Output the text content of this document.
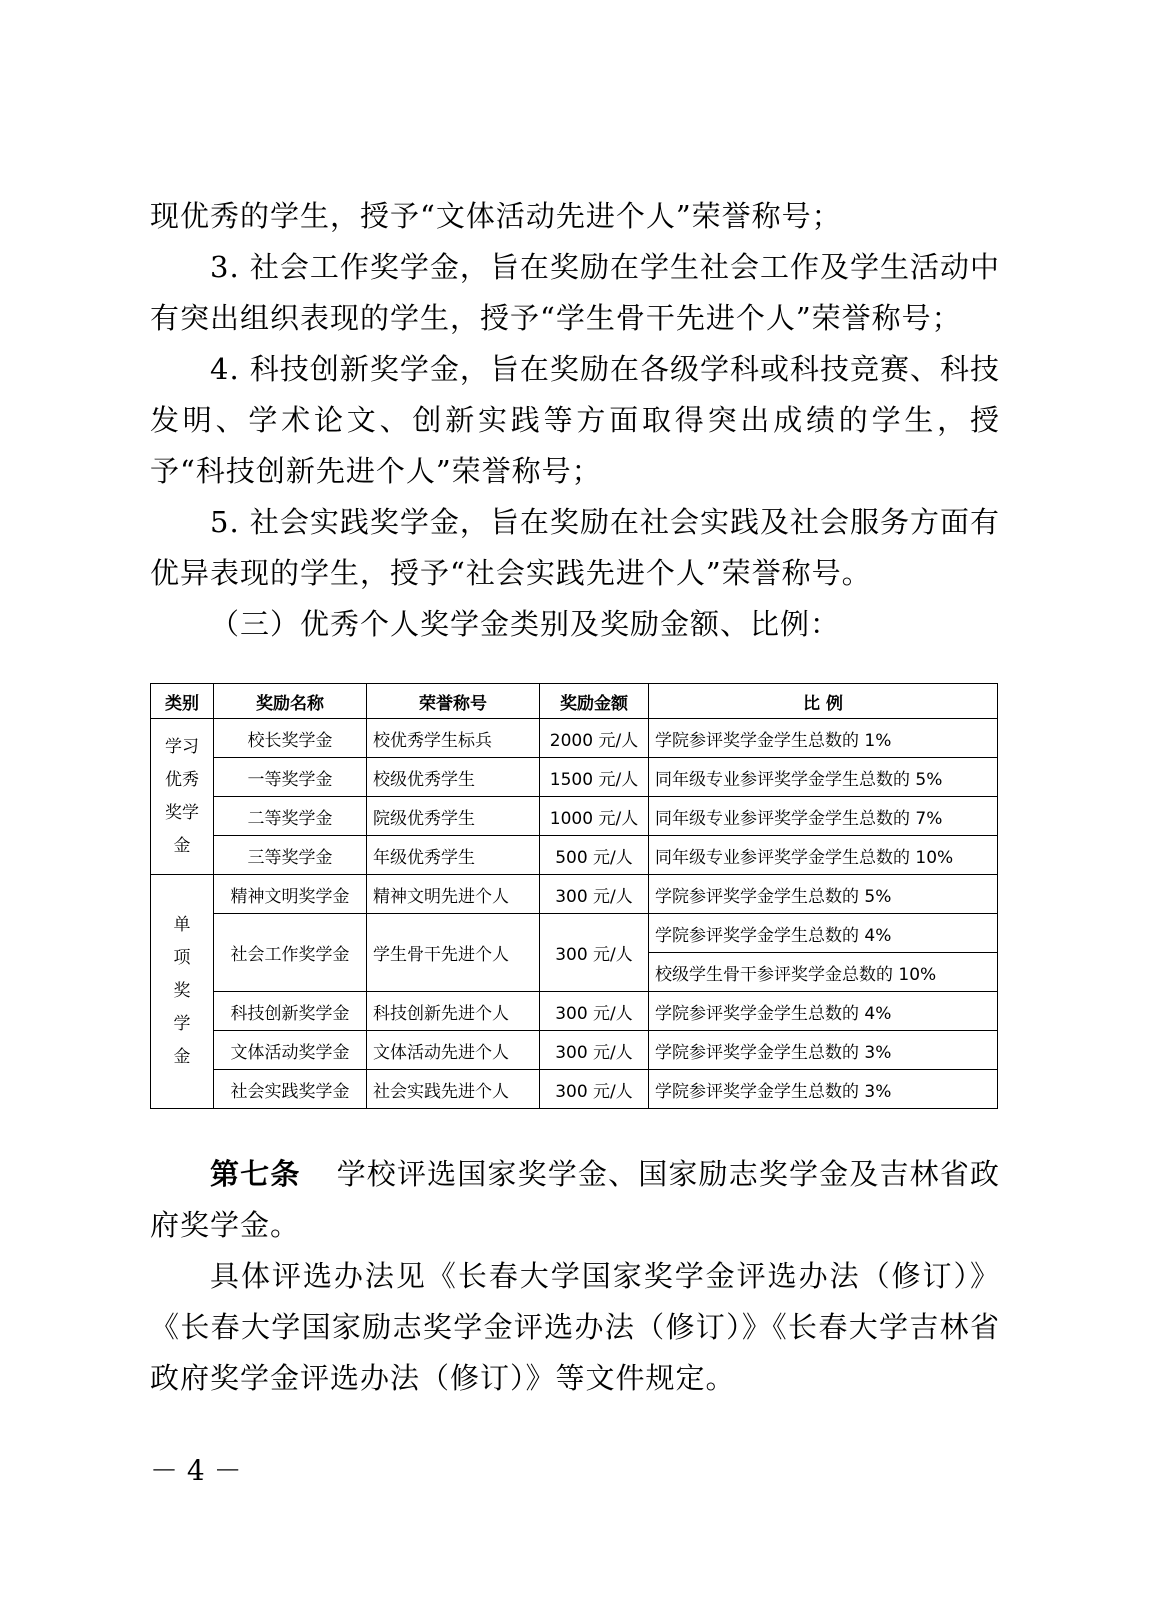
现优秀的学生，授予“文体活动先进个人”荣誉称号；

3. 社会工作奖学金，旨在奖励在学生社会工作及学生活动中有突出组织表现的学生，授予“学生骨干先进个人”荣誉称号；

4. 科技创新奖学金，旨在奖励在各级学科或科技竞赛、科技发明、学术论文、创新实践等方面取得突出成绩的学生，授予“科技创新先进个人”荣誉称号；

5. 社会实践奖学金，旨在奖励在社会实践及社会服务方面有优异表现的学生，授予“社会实践先进个人”荣誉称号。

（三）优秀个人奖学金类别及奖励金额、比例：

类别	奖励名称	荣誉称号	奖励金额	比 例
学习优秀奖学金	校长奖学金	校优秀学生标兵	2000 元/人	学院参评奖学金学生总数的 1%
	一等奖学金	校级优秀学生	1500 元/人	同年级专业参评奖学金学生总数的 5%
	二等奖学金	院级优秀学生	1000 元/人	同年级专业参评奖学金学生总数的 7%
	三等奖学金	年级优秀学生	500 元/人	同年级专业参评奖学金学生总数的 10%
单项奖学金	精神文明奖学金	精神文明先进个人	300 元/人	学院参评奖学金学生总数的 5%
	社会工作奖学金	学生骨干先进个人	300 元/人	学院参评奖学金学生总数的 4%
				校级学生骨干参评奖学金总数的 10%
	科技创新奖学金	科技创新先进个人	300 元/人	学院参评奖学金学生总数的 4%
	文体活动奖学金	文体活动先进个人	300 元/人	学院参评奖学金学生总数的 3%
	社会实践奖学金	社会实践先进个人	300 元/人	学院参评奖学金学生总数的 3%

第七条 学校评选国家奖学金、国家励志奖学金及吉林省政府奖学金。

具体评选办法见《长春大学国家奖学金评选办法（修订）》《长春大学国家励志奖学金评选办法（修订）》《长春大学吉林省政府奖学金评选办法（修订）》等文件规定。

－ 4 －
